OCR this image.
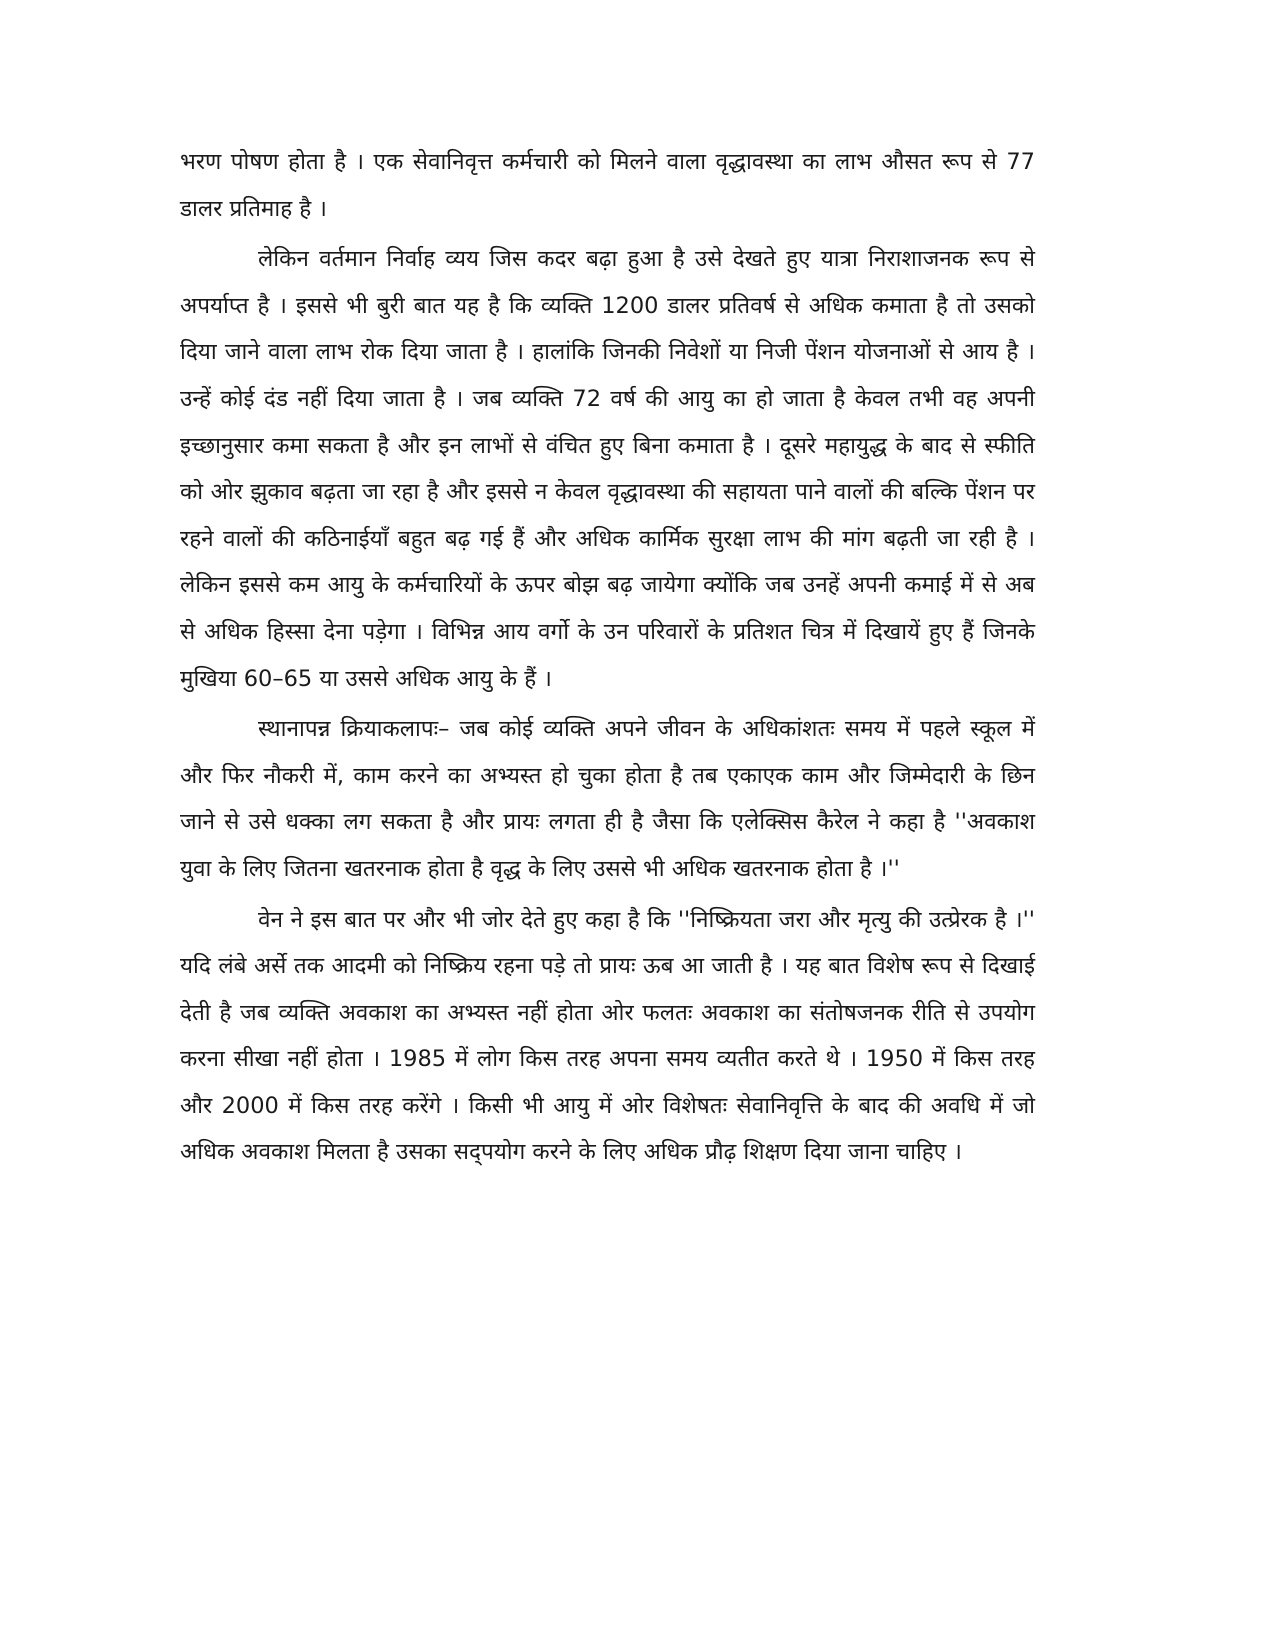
भरण पोषण होता है । एक सेवानिवृत्त कर्मचारी को मिलने वाला वृद्धावस्था का लाभ औसत रूप से 77 डालर प्रतिमाह है ।

लेकिन वर्तमान निर्वाह व्यय जिस कदर बढ़ा हुआ है उसे देखते हुए यात्रा निराशाजनक रूप से अपर्याप्त है । इससे भी बुरी बात यह है कि व्यक्ति 1200 डालर प्रतिवर्ष से अधिक कमाता है तो उसको दिया जाने वाला लाभ रोक दिया जाता है । हालांकि जिनकी निवेशों या निजी पेंशन योजनाओं से आय है । उन्हें कोई दंड नहीं दिया जाता है । जब व्यक्ति 72 वर्ष की आयु का हो जाता है केवल तभी वह अपनी इच्छानुसार कमा सकता है और इन लाभों से वंचित हुए बिना कमाता है । दूसरे महायुद्ध के बाद से स्फीति को ओर झुकाव बढ़ता जा रहा है और इससे न केवल वृद्धावस्था की सहायता पाने वालों की बल्कि पेंशन पर रहने वालों की कठिनाईयॉं बहुत बढ़ गई हैं और अधिक कार्मिक सुरक्षा लाभ की मांग बढ़ती जा रही है । लेकिन इससे कम आयु के कर्मचारियों के ऊपर बोझ बढ़ जायेगा क्योंकि जब उनहें अपनी कमाई में से अब से अधिक हिस्सा देना पड़ेगा । विभिन्न आय वर्गो के उन परिवारों के प्रतिशत चित्र में दिखायें हुए हैं जिनके मुखिया 60–65 या उससे अधिक आयु के हैं ।

स्थानापन्न क्रियाकलापः– जब कोई व्यक्ति अपने जीवन के अधिकांशतः समय में पहले स्कूल में और फिर नौकरी में, काम करने का अभ्यस्त हो चुका होता है तब एकाएक काम और जिम्मेदारी के छिन जाने से उसे धक्का लग सकता है और प्रायः लगता ही है जैसा कि एलेक्सिस कैरेल ने कहा है ''अवकाश युवा के लिए जितना खतरनाक होता है वृद्ध के लिए उससे भी अधिक खतरनाक होता है ।''

वेन ने इस बात पर और भी जोर देते हुए कहा है कि ''निष्क्रियता जरा और मृत्यु की उत्प्रेरक है ।'' यदि लंबे अर्से तक आदमी को निष्क्रिय रहना पड़े तो प्रायः ऊब आ जाती है । यह बात विशेष रूप से दिखाई देती है जब व्यक्ति अवकाश का अभ्यस्त नहीं होता ओर फलतः अवकाश का संतोषजनक रीति से उपयोग करना सीखा नहीं होता । 1985 में लोग किस तरह अपना समय व्यतीत करते थे । 1950 में किस तरह और 2000 में किस तरह करेंगे । किसी भी आयु में ओर विशेषतः सेवानिवृत्ति के बाद की अवधि में जो अधिक अवकाश मिलता है उसका सद्पयोग करने के लिए अधिक प्रौढ़ शिक्षण दिया जाना चाहिए ।
